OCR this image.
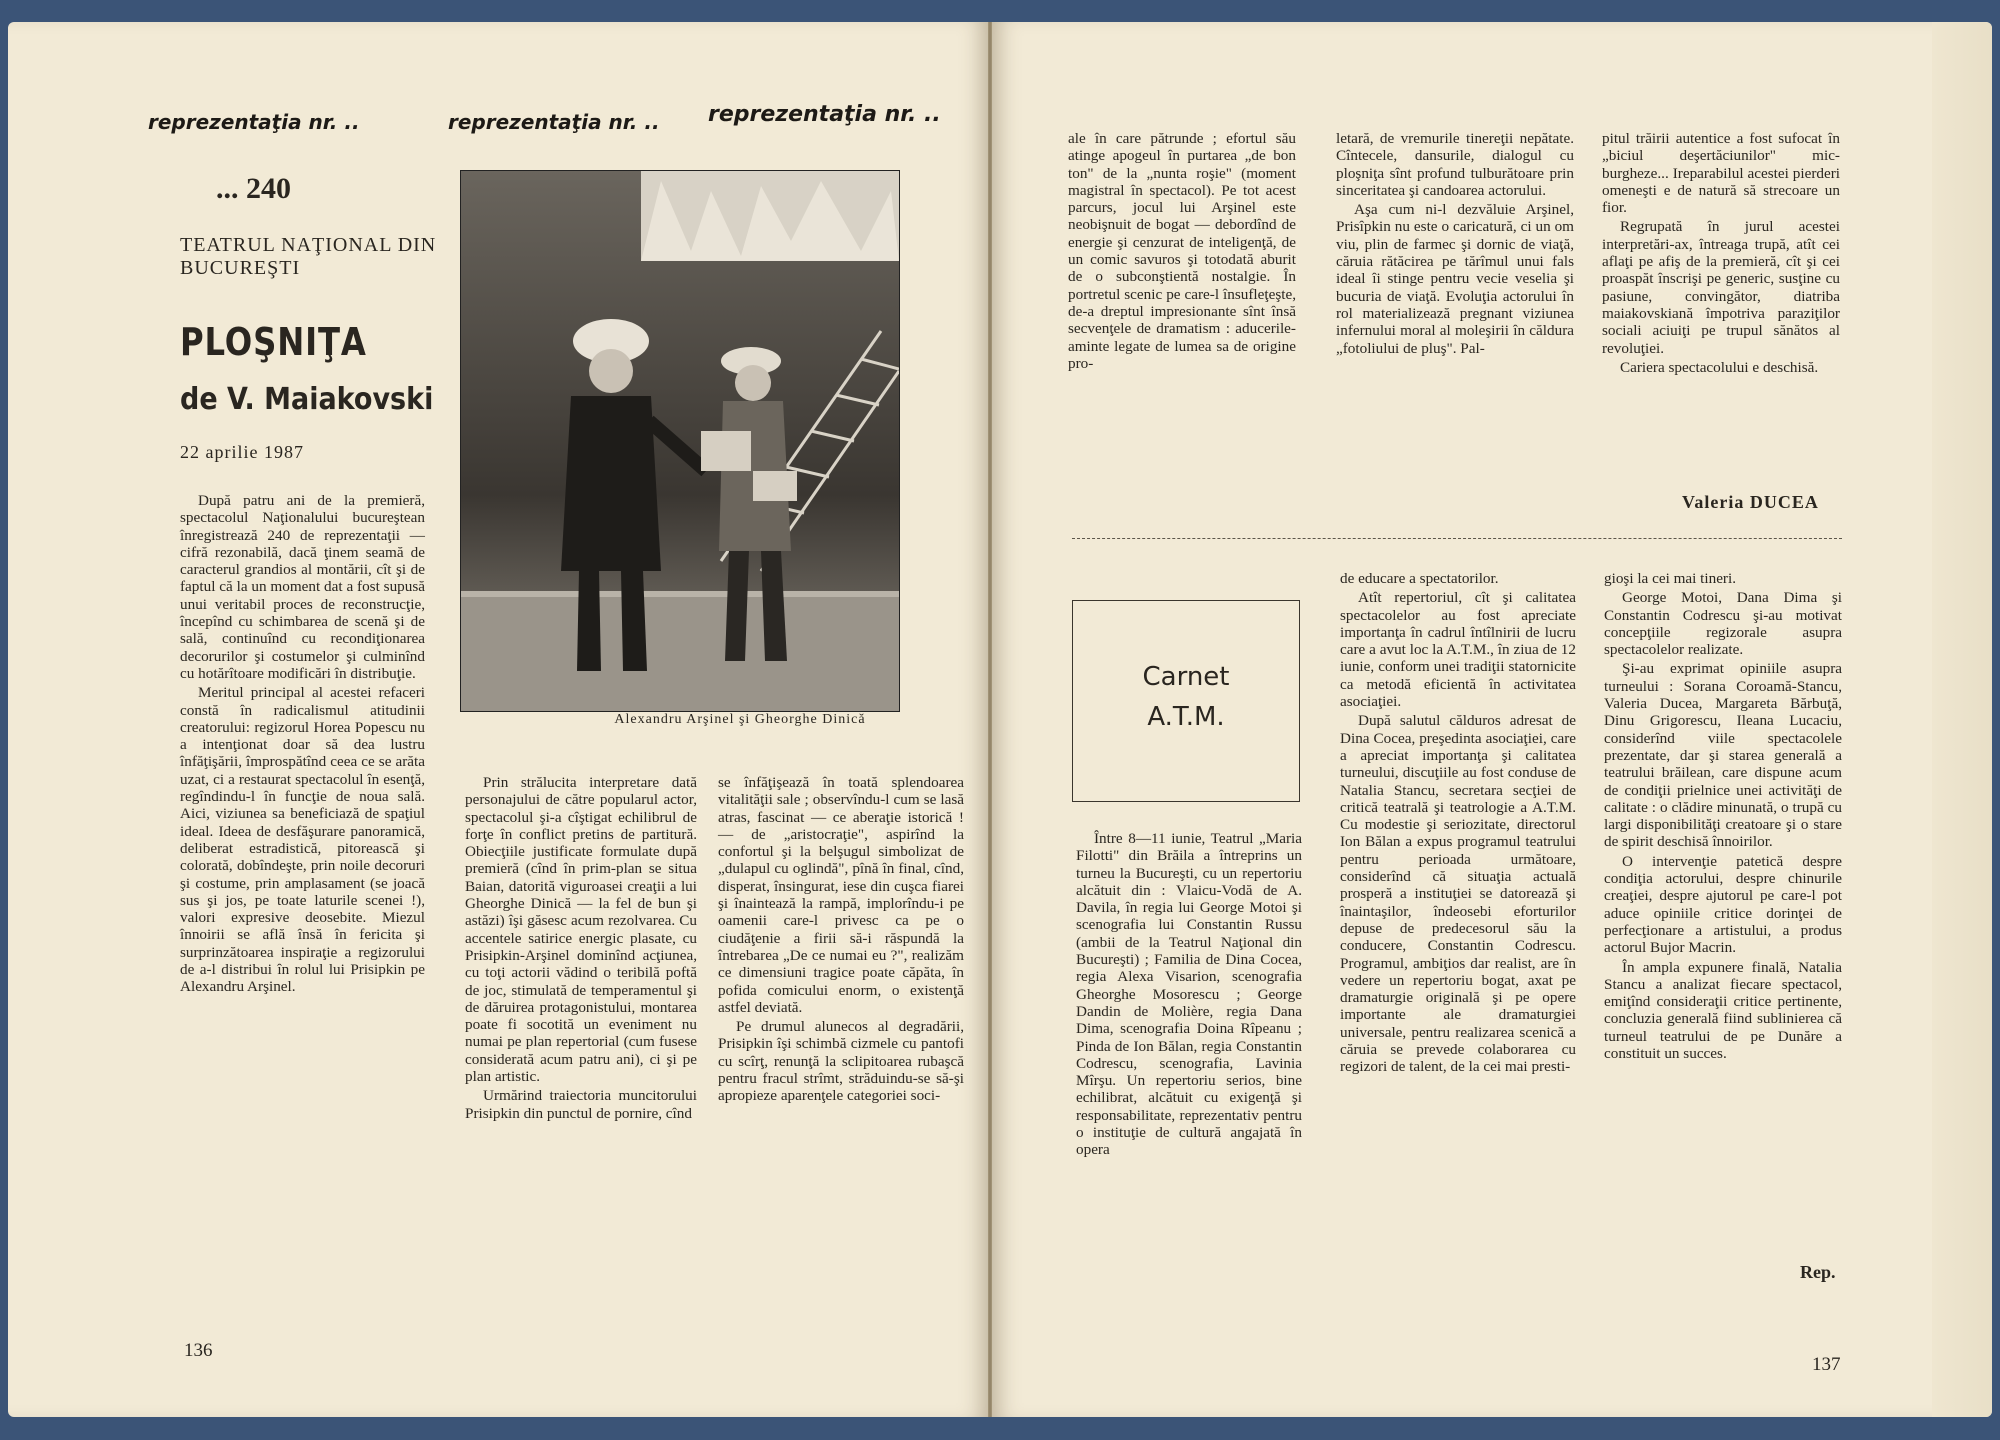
reprezentaţia nr. ..	reprezentaţia nr. .. reprezentaţia nr. ..
... 240
TEATRUL NAŢIONAL DIN BUCUREŞTI
PLOŞNIŢA
de V. Maiakovski
22 aprilie 1987

După patru ani de la premieră, spectacolul Naţionalului bucureştean înregistrează 240 de reprezentaţii — cifră rezonabilă, dacă ţinem seamă de caracterul grandios al montării, cît şi de faptul că la un moment dat a fost supusă unui veritabil proces de reconstrucţie, începînd cu schimbarea de scenă şi de sală, continuînd cu recondiţionarea decorurilor şi costumelor şi culminînd cu hotărîtoare modificări în distribuţie.

Meritul principal al acestei refaceri constă în radicalismul atitudinii creatorului: regizorul Horea Popescu nu a intenţionat doar să dea lustru înfăţişării, împrospătînd ceea ce se arăta uzat, ci a restaurat spectacolul în esenţă, regîndindu-l în funcţie de noua sală. Aici, viziunea sa beneficiază de spaţiul ideal. Ideea de desfăşurare panoramică, deliberat estradistică, pitorească şi colorată, dobîndeşte, prin noile decoruri şi costume, prin amplasament (se joacă sus şi jos, pe toate laturile scenei !), valori expresive deosebite. Miezul înnoirii se află însă în fericita şi surprinzătoarea inspiraţie a regizorului de a-l distribui în rolul lui Prisipkin pe Alexandru Arşinel.

Alexandru Arşinel şi Gheorghe Dinică

Prin strălucita interpretare dată personajului de către popularul actor, spectacolul şi-a cîştigat echilibrul de forţe în conflict pretins de partitură. Obiecţiile justificate formulate după premieră (cînd în prim-plan se situa Baian, datorită viguroasei creaţii a lui Gheorghe Dinică — la fel de bun şi astăzi) îşi găsesc acum rezolvarea. Cu accentele satirice energic plasate, cu Prisipkin-Arşinel dominînd acţiunea, cu toţi actorii vădind o teribilă poftă de joc, stimulată de temperamentul şi de dăruirea protagonistului, montarea poate fi socotită un eveniment nu numai pe plan repertorial (cum fusese considerată acum patru ani), ci şi pe plan artistic.

Urmărind traiectoria muncitorului Prisipkin din punctul de pornire, cînd

se înfăţişează în toată splendoarea vitalităţii sale ; observîndu-l cum se lasă atras, fascinat — ce aberaţie istorică ! — de „aristocraţie", aspirînd la confortul şi la belşugul simbolizat de „dulapul cu oglindă", pînă în final, cînd, disperat, însingurat, iese din cuşca fiarei şi înaintează la rampă, implorîndu-i pe oamenii care-l privesc ca pe o ciudăţenie a firii să-i răspundă la întrebarea „De ce numai eu ?", realizăm ce dimensiuni tragice poate căpăta, în pofida comicului enorm, o existenţă astfel deviată.

Pe drumul alunecos al degradării, Prisipkin îşi schimbă cizmele cu pantofi cu scîrţ, renunţă la sclipitoarea rubaşcă pentru fracul strîmt, străduindu-se să-şi apropieze aparenţele categoriei soci-

136

ale în care pătrunde ; efortul său atinge apogeul în purtarea „de bon ton" de la „nunta roşie" (moment magistral în spectacol). Pe tot acest parcurs, jocul lui Arşinel este neobişnuit de bogat — debordînd de energie şi cenzurat de inteligenţă, de un comic savuros şi totodată aburit de o subconştientă nostalgie. În portretul scenic pe care-l însufleţeşte, de-a dreptul impresionante sînt însă secvenţele de dramatism : aducerile-aminte legate de lumea sa de origine pro-

letară, de vremurile tinereţii nepătate. Cîntecele, dansurile, dialogul cu ploşniţa sînt profund tulburătoare prin sinceritatea şi candoarea actorului.

Aşa cum ni-l dezvăluie Arşinel, Prisîpkin nu este o caricatură, ci un om viu, plin de farmec şi dornic de viaţă, căruia rătăcirea pe tărîmul unui fals ideal îi stinge pentru vecie veselia şi bucuria de viaţă. Evoluţia actorului în rol materializează pregnant viziunea infernului moral al moleşirii în căldura „fotoliului de pluş". Pal-

pitul trăirii autentice a fost sufocat în „biciul deşertăciunilor" mic-burgheze... Ireparabilul acestei pierderi omeneşti e de natură să strecoare un fior.

Regrupată în jurul acestei interpretări-ax, întreaga trupă, atît cei aflaţi pe afiş de la premieră, cît şi cei proaspăt înscrişi pe generic, susţine cu pasiune, convingător, diatriba maiakovskiană împotriva paraziţilor sociali aciuiţi pe trupul sănătos al revoluţiei.

Cariera spectacolului e deschisă.

Valeria DUCEA
Carnet
A.T.M.

Între 8—11 iunie, Teatrul „Maria Filotti" din Brăila a întreprins un turneu la Bucureşti, cu un repertoriu alcătuit din : Vlaicu-Vodă de A. Davila, în regia lui George Motoi şi scenografia lui Constantin Russu (ambii de la Teatrul Naţional din Bucureşti) ; Familia de Dina Cocea, regia Alexa Visarion, scenografia Gheorghe Mosorescu ; George Dandin de Molière, regia Dana Dima, scenografia Doina Rîpeanu ; Pinda de Ion Bălan, regia Constantin Codrescu, scenografia, Lavinia Mîrşu. Un repertoriu serios, bine echilibrat, alcătuit cu exigenţă şi responsabilitate, reprezentativ pentru o instituţie de cultură angajată în opera

de educare a spectatorilor.

Atît repertoriul, cît şi calitatea spectacolelor au fost apreciate importanţa în cadrul întîlnirii de lucru care a avut loc la A.T.M., în ziua de 12 iunie, conform unei tradiţii statornicite ca metodă eficientă în activitatea asociaţiei.

După salutul călduros adresat de Dina Cocea, preşedinta asociaţiei, care a apreciat importanţa şi calitatea turneului, discuţiile au fost conduse de Natalia Stancu, secretara secţiei de critică teatrală şi teatrologie a A.T.M. Cu modestie şi seriozitate, directorul Ion Bălan a expus programul teatrului pentru perioada următoare, considerînd că situaţia actuală prosperă a instituţiei se datorează şi înaintaşilor, îndeosebi eforturilor depuse de predecesorul său la conducere, Constantin Codrescu. Programul, ambiţios dar realist, are în vedere un repertoriu bogat, axat pe dramaturgie originală şi pe opere importante ale dramaturgiei universale, pentru realizarea scenică a căruia se prevede colaborarea cu regizori de talent, de la cei mai presti-

gioşi la cei mai tineri.

George Motoi, Dana Dima şi Constantin Codrescu şi-au motivat concepţiile regizorale asupra spectacolelor realizate.

Şi-au exprimat opiniile asupra turneului : Sorana Coroamă-Stancu, Valeria Ducea, Margareta Bărbuţă, Dinu Grigorescu, Ileana Lucaciu, considerînd viile spectacolele prezentate, dar şi starea generală a teatrului brăilean, care dispune acum de condiţii prielnice unei activităţi de calitate : o clădire minunată, o trupă cu largi disponibilităţi creatoare şi o stare de spirit deschisă înnoirilor.

O intervenţie patetică despre condiţia actorului, despre chinurile creaţiei, despre ajutorul pe care-l pot aduce opiniile critice dorinţei de perfecţionare a artistului, a produs actorul Bujor Macrin.

În ampla expunere finală, Natalia Stancu a analizat fiecare spectacol, emiţînd consideraţii critice pertinente, concluzia generală fiind sublinierea că turneul teatrului de pe Dunăre a constituit un succes.

Rep.
137
